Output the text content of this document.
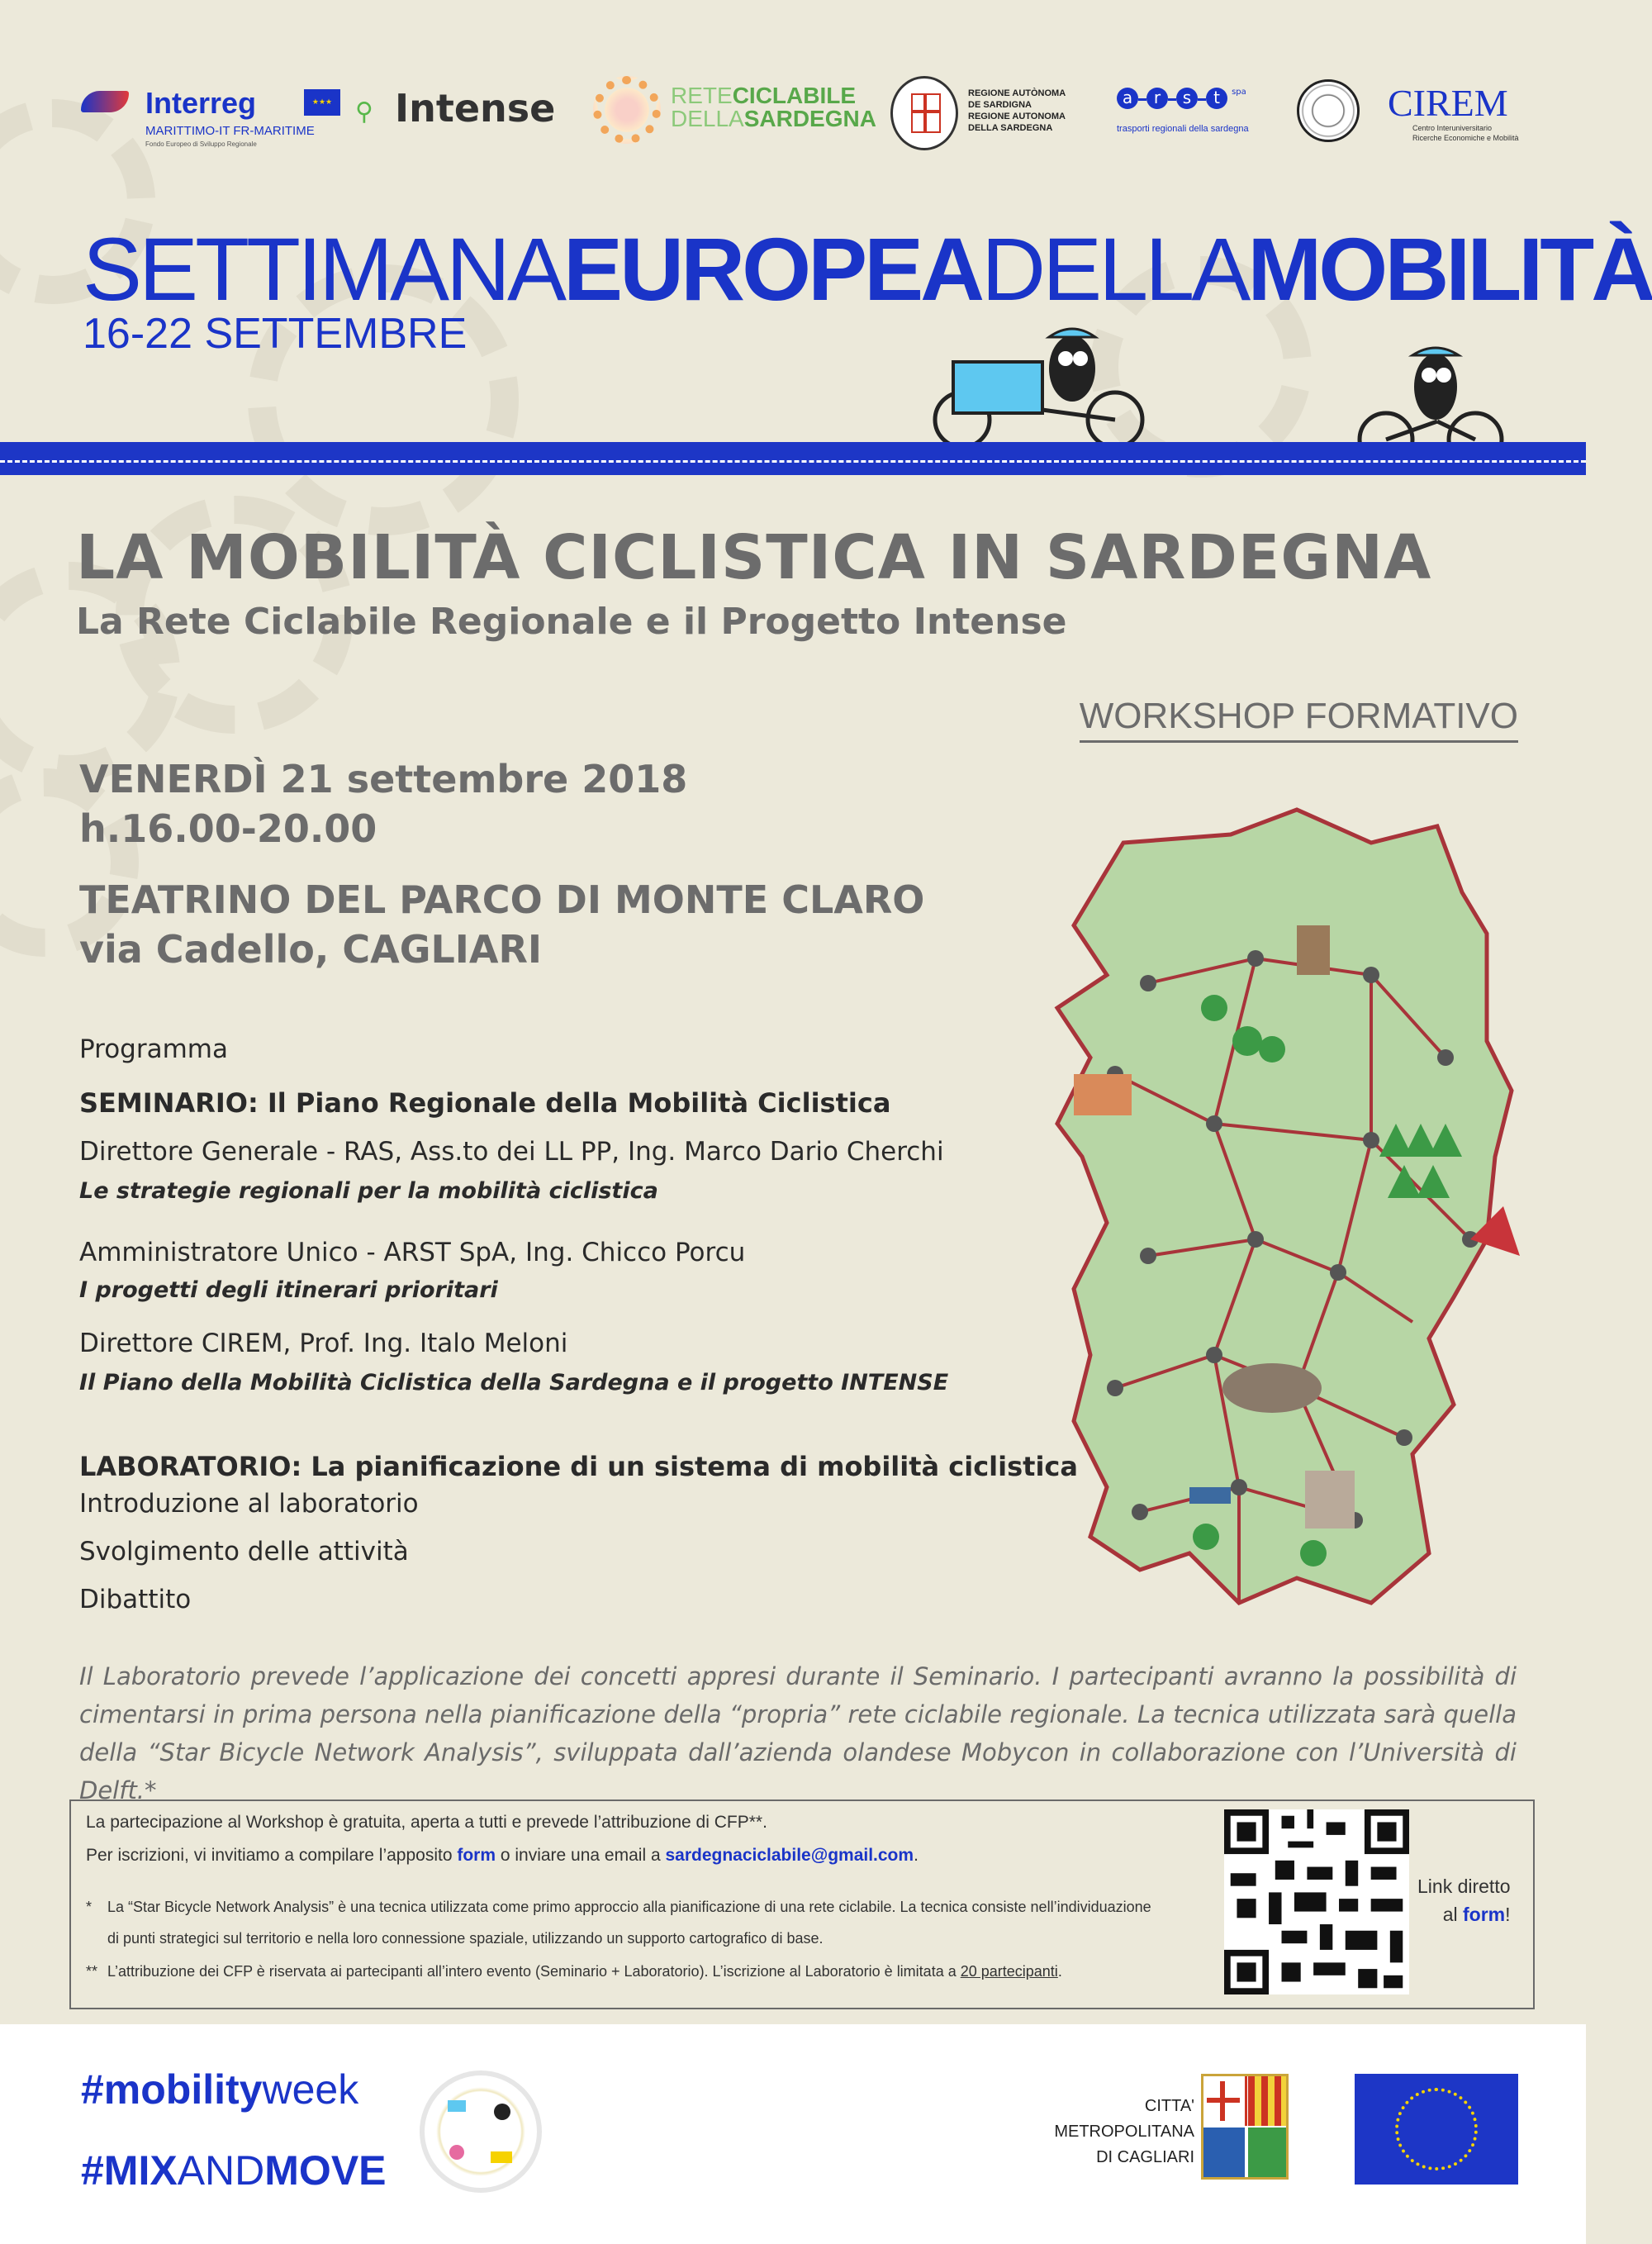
Interreg	★★★
MARITTIMO-IT FR-MARITIME
Fondo Europeo di Sviluppo Regionale
⚲ Intense	RETECICLABILE
DELLASARDEGNA
REGIONE AUTÒNOMA
DE SARDIGNA
REGIONE AUTONOMA
DELLA SARDEGNA
a r s t $^{spa}$
trasporti regionali della sardegna
CIREM
Centro Interuniversitario
Ricerche Economiche e Mobilità
SETTIMANAEUROPEADELLAMOBILITÀ
16-22 SETTEMBRE
LA MOBILITÀ CICLISTICA IN SARDEGNA
La Rete Ciclabile Regionale e il Progetto Intense
WORKSHOP FORMATIVO
VENERDÌ 21 settembre 2018
h.16.00-20.00
TEATRINO DEL PARCO DI MONTE CLARO
via Cadello, CAGLIARI
Programma
SEMINARIO: Il Piano Regionale della Mobilità Ciclistica
Direttore Generale - RAS, Ass.to dei LL PP, Ing. Marco Dario Cherchi
Le strategie regionali per la mobilità ciclistica
Amministratore Unico - ARST SpA, Ing. Chicco Porcu
I progetti degli itinerari prioritari
Direttore CIREM, Prof. Ing. Italo Meloni
Il Piano della Mobilità Ciclistica della Sardegna e il progetto INTENSE
LABORATORIO: La pianificazione di un sistema di mobilità ciclistica
Introduzione al laboratorio
Svolgimento delle attività
Dibattito
Il Laboratorio prevede l’applicazione dei concetti appresi durante il Seminario. I partecipanti avranno la possibilità di cimentarsi in prima persona nella pianificazione della “propria” rete ciclabile regionale. La tecnica utilizzata sarà quella della “Star Bicycle Network Analysis”, sviluppata dall’azienda olandese Mobycon in collaborazione con l’Università di Delft.*
La partecipazione al Workshop è gratuita, aperta a tutti e prevede l’attribuzione di CFP**.
Per iscrizioni, vi invitiamo a compilare l’apposito form o inviare una email a sardegnaciclabile@gmail.com.
* La “Star Bicycle Network Analysis” è una tecnica utilizzata come primo approccio alla pianificazione di una rete ciclabile. La tecnica consiste nell’individuazione
di punti strategici sul territorio e nella loro connessione spaziale, utilizzando un supporto cartografico di base.
** L’attribuzione dei CFP è riservata ai partecipanti all’intero evento (Seminario + Laboratorio). L’iscrizione al Laboratorio è limitata a 20 partecipanti.
Link diretto
al form!
#mobilityweek
#MIXANDMOVE
CITTA'
METROPOLITANA
DI CAGLIARI
